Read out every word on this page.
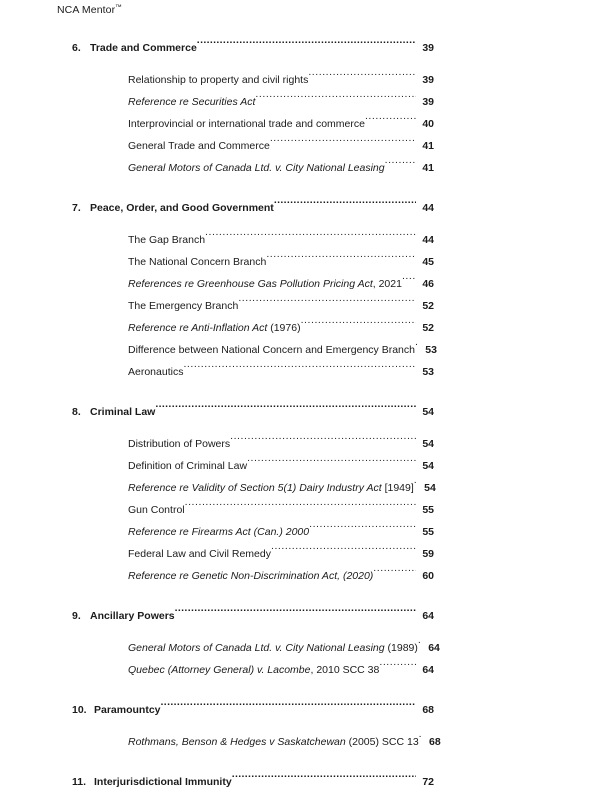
NCA Mentor™
6. Trade and Commerce .....	39
Relationship to property and civil rights .....	39
Reference re Securities Act .....	39
Interprovincial or international trade and commerce .....	40
General Trade and Commerce .....	41
General Motors of Canada Ltd. v. City National Leasing .....	41
7. Peace, Order, and Good Government .....	44
The Gap Branch .....	44
The National Concern Branch .....	45
References re Greenhouse Gas Pollution Pricing Act, 2021 .....	46
The Emergency Branch .....	52
Reference re Anti-Inflation Act (1976) .....	52
Difference between National Concern and Emergency Branch ..... 53
Aeronautics .....	53
8. Criminal Law .....	54
Distribution of Powers .....	54
Definition of Criminal Law .....	54
Reference re Validity of Section 5(1) Dairy Industry Act [1949] ..... 54
Gun Control .....	55
Reference re Firearms Act (Can.) 2000 .....	55
Federal Law and Civil Remedy .....	59
Reference re Genetic Non-Discrimination Act, (2020) .....	60
9. Ancillary Powers .....	64
General Motors of Canada Ltd. v. City National Leasing (1989) ..... 64
Quebec (Attorney General) v. Lacombe, 2010 SCC 38 .....	64
10. Paramountcy .....	68
Rothmans, Benson & Hedges v Saskatchewan (2005) SCC 13 ..... 68
11. Interjurisdictional Immunity .....	72
